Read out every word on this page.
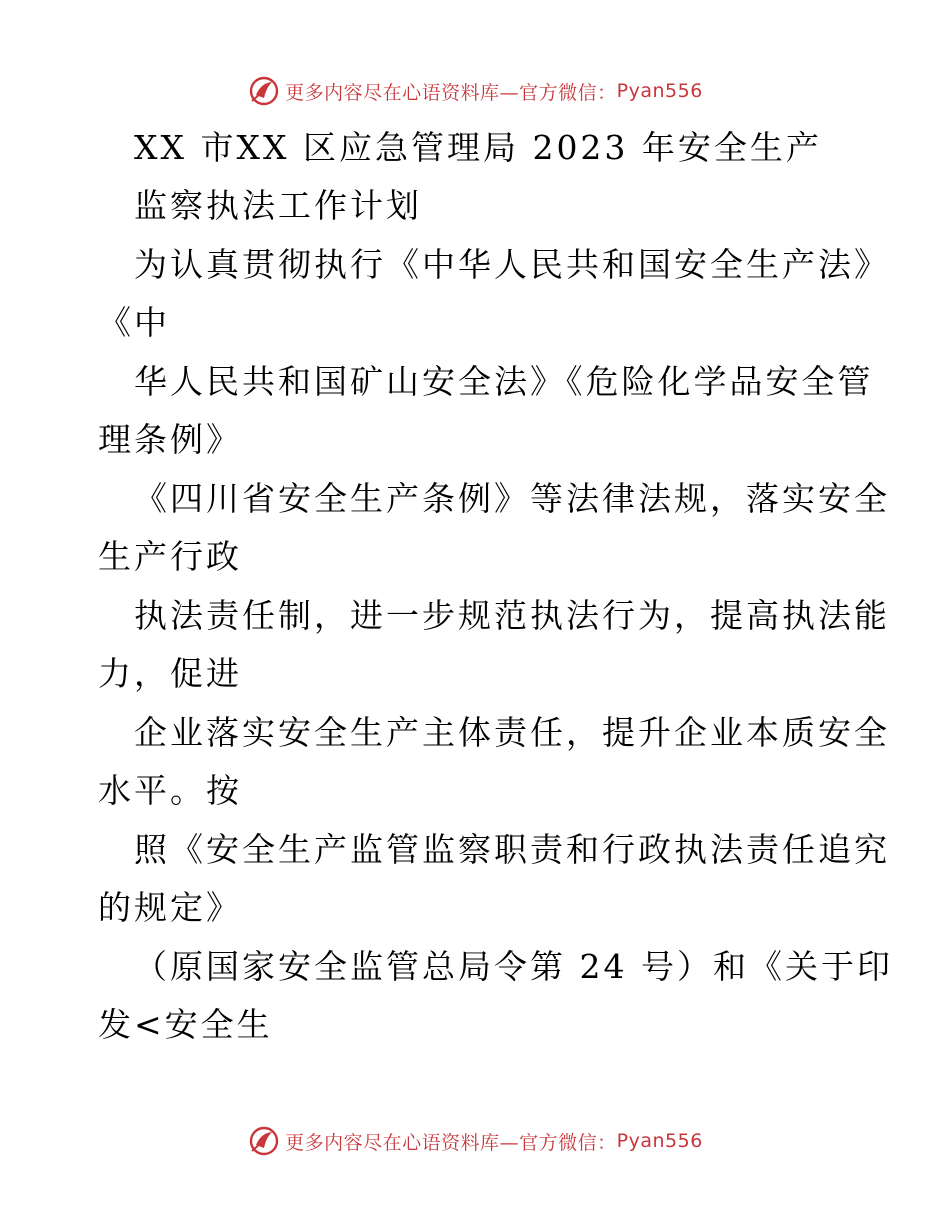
更多内容尽在心语资料库—官方微信： Pyan556
XX 市XX 区应急管理局 2023 年安全生产
监察执法工作计划
为认真贯彻执行《中华人民共和国安全生产法》
《中
华人民共和国矿山安全法》《危险化学品安全管
理条例》
《四川省安全生产条例》等法律法规，落实安全
生产行政
执法责任制，进一步规范执法行为，提高执法能
力，促进
企业落实安全生产主体责任，提升企业本质安全
水平。按
照《安全生产监管监察职责和行政执法责任追究
的规定》
（原国家安全监管总局令第 24 号）和《关于印
发<安全生
更多内容尽在心语资料库—官方微信： Pyan556
